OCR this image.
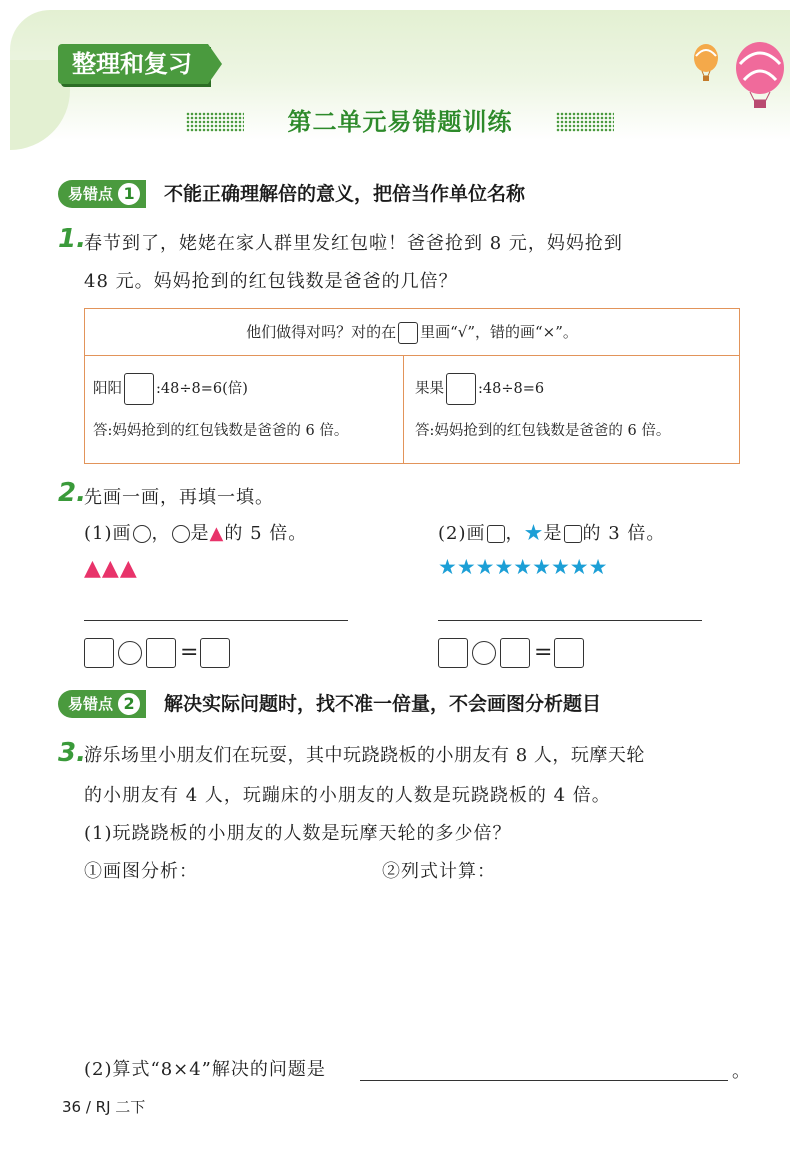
整理和复习
第二单元易错题训练
易错点 1	不能正确理解倍的意义，把倍当作单位名称
1.
春节到了，姥姥在家人群里发红包啦！爸爸抢到 8 元，妈妈抢到
48 元。妈妈抢到的红包钱数是爸爸的几倍？
他们做得对吗？对的在 里画“√”，错的画“×”。
阳阳 :48÷8=6(倍)
答:妈妈抢到的红包钱数是爸爸的 6 倍。
果果 :48÷8=6
答:妈妈抢到的红包钱数是爸爸的 6 倍。
2.
先画一画，再填一填。
(1)画 ， 是▲的 5 倍。
▲▲▲
=
(2)画 ，★是 的 3 倍。
★★★★★★★★★
=
易错点 2	解决实际问题时，找不准一倍量，不会画图分析题目
3.
游乐场里小朋友们在玩耍，其中玩跷跷板的小朋友有 8 人，玩摩天轮
的小朋友有 4 人，玩蹦床的小朋友的人数是玩跷跷板的 4 倍。
(1)玩跷跷板的小朋友的人数是玩摩天轮的多少倍？
①画图分析：	②列式计算：
(2)算式“8×4”解决的问题是	。
36 / RJ 二下
